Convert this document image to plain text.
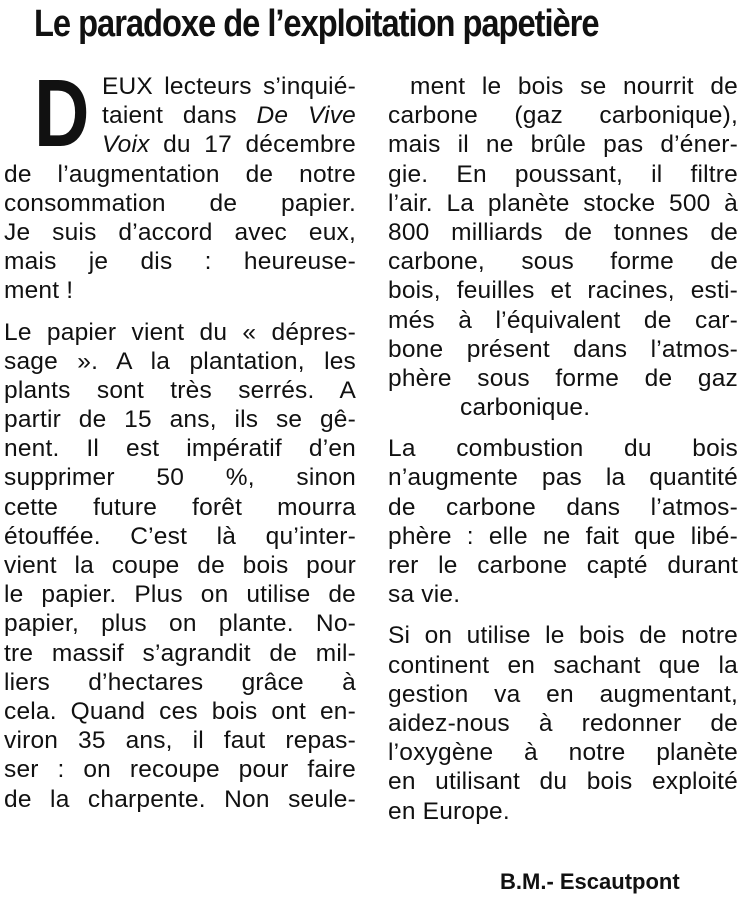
Le paradoxe de l’exploitation papetière
D EUX lecteurs s’inquié-
taient dans De Vive
Voix du 17 décembre
de l’augmentation de notre
consommation de papier.
Je suis d’accord avec eux,
mais je dis : heureuse-
ment !
Le papier vient du « dépres-
sage ». A la plantation, les
plants sont très serrés. A
partir de 15 ans, ils se gê-
nent. Il est impératif d’en
supprimer 50 %, sinon
cette future forêt mourra
étouffée. C’est là qu’inter-
vient la coupe de bois pour
le papier. Plus on utilise de
papier, plus on plante. No-
tre massif s’agrandit de mil-
liers d’hectares grâce à
cela. Quand ces bois ont en-
viron 35 ans, il faut repas-
ser : on recoupe pour faire
de la charpente. Non seule-
ment le bois se nourrit de
carbone (gaz carbonique),
mais il ne brûle pas d’éner-
gie. En poussant, il filtre
l’air. La planète stocke 500 à
800 milliards de tonnes de
carbone, sous forme de
bois, feuilles et racines, esti-
més à l’équivalent de car-
bone présent dans l’atmos-
phère sous forme de gaz
carbonique.
La combustion du bois
n’augmente pas la quantité
de carbone dans l’atmos-
phère : elle ne fait que libé-
rer le carbone capté durant
sa vie.
Si on utilise le bois de notre
continent en sachant que la
gestion va en augmentant,
aidez-nous à redonner de
l’oxygène à notre planète
en utilisant du bois exploité
en Europe.
B.M.- Escautpont
